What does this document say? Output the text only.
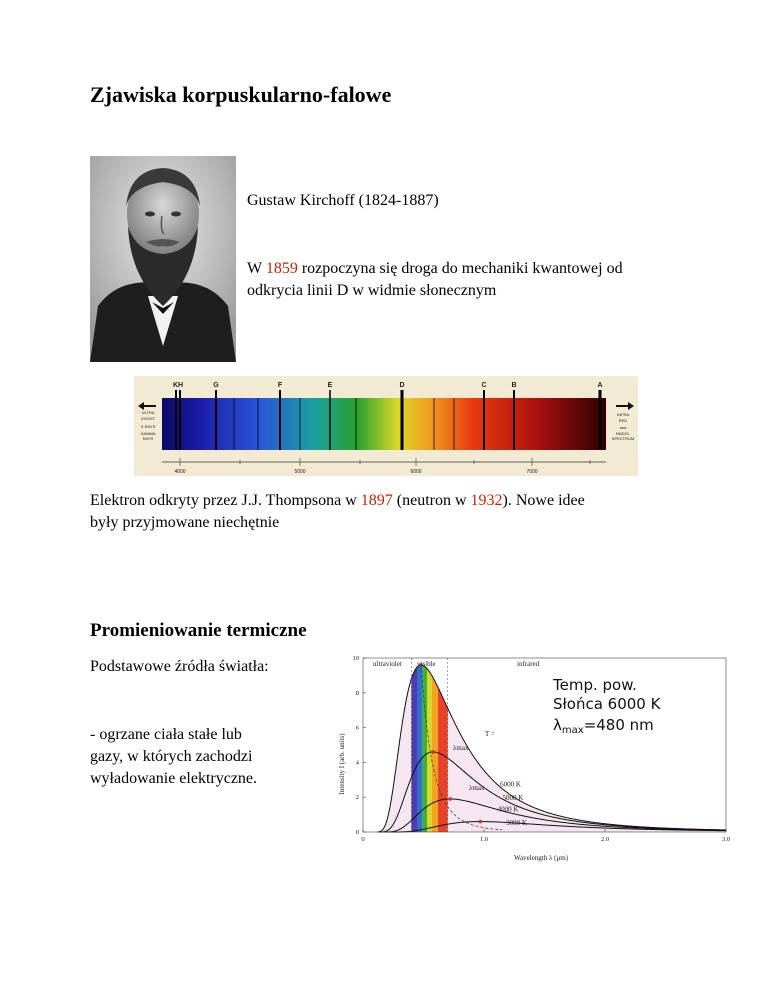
Zjawiska korpuskularno-falowe
Gustaw Kirchoff (1824-1887)
W 1859 rozpoczyna się droga do mechaniki kwantowej od
odkrycia linii D w widmie słonecznym
KH	G	F	E	D	C	B	A
ULTRA
VIOLET
X-RAYS
GAMMA
RAYS
INFRA
RED
and
RADIO-
SPECTRUM
4000	5000	6000	7000
Elektron odkryty przez J.J. Thompsona w 1897 (neutron w 1932). Nowe idee
były przyjmowane niechętnie
Promieniowanie termiczne
Podstawowe źródła światła:
- ogrzane ciała stałe lub
gazy, w których zachodzi
wyładowanie elektryczne.	6000 K
5000 K
4000 K
3000 K
0
2
4
6
8
10
0	1.0	2.0	3.0
Wavelength λ (μm)
Intensity I (arb. units)
ultraviolet visible	infrared
T =
λmax
λmax
Temp. pow.
Słońca 6000 K
$\lambda_{max}=480$ nm
